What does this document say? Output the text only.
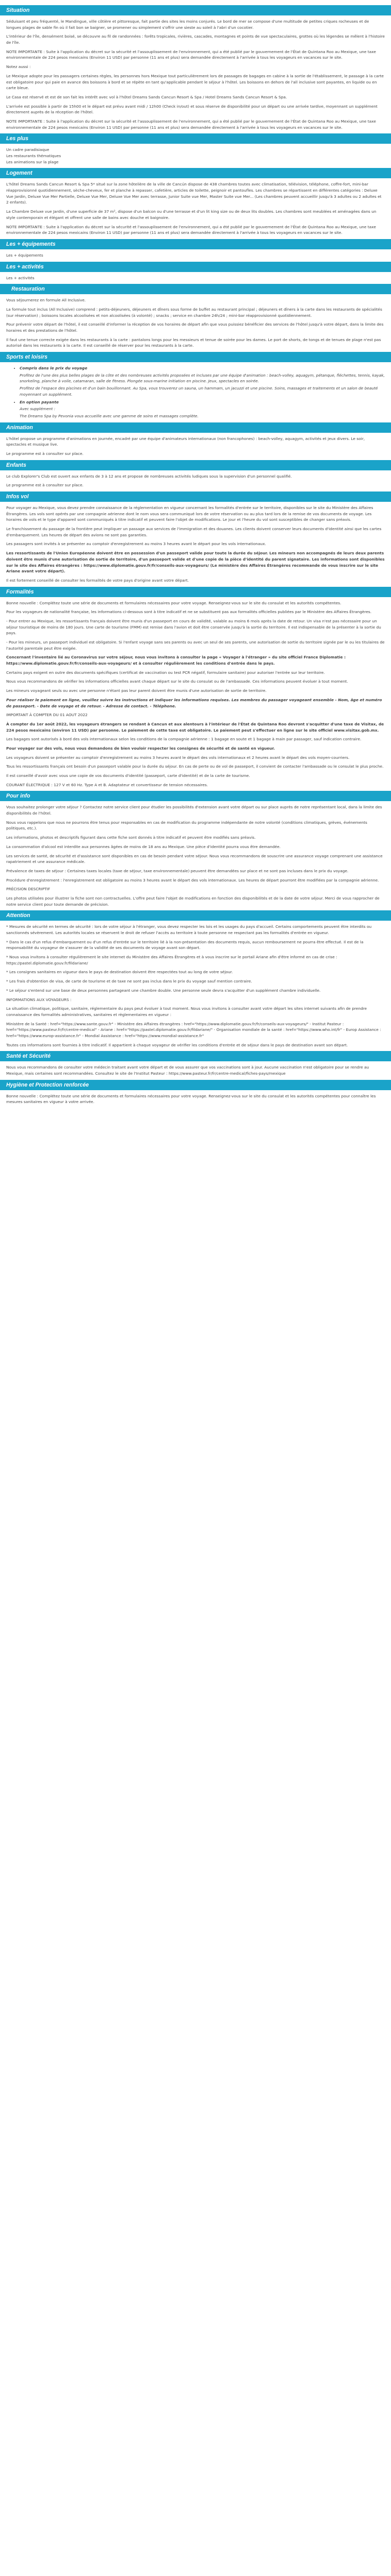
Situation

Séduisant et peu fréquenté, le Mandingue, ville côtière et pittoresque, fait partie des sites les moins conjurés. Le bord de mer se compose d'une multitude de petites criques rocheuses et de longues plages de sable fin où il fait bon se baigner, se promener ou simplement s'offrir une sieste au soleil à l'abri d'un cocotier.

L'intérieur de l'île, densément boisé, se découvre au fil de randonnées : forêts tropicales, rivières, cascades, montagnes et points de vue spectaculaires, grottes où les légendes se mêlent à l'histoire de l'île.

NOTE IMPORTANTE : Suite à l'application du décret sur la sécurité et l'assouplissement de l'environnement, qui a été publié par le gouvernement de l'État de Quintana Roo au Mexique, une taxe environnementale de 224 pesos mexicains (Environ 11 USD) par personne (11 ans et plus) sera demandée directement à l'arrivée à tous les voyageurs en vacances sur le site.

Notez aussi :

Le Mexique adopte pour les passagers certaines règles, les personnes hors Mexique tout particulièrement lors de passages de bagages en cabine à la sortie de l'établissement, le passage à la carte est obligatoire pour qui paie en avance des boissons à bord et se répète en tant qu'applicable pendant le séjour à l'hôtel. Les boissons en dehors de l'all inclusive sont payantes, en liquide ou en carte bleue.

Le Casa est réservé et est de son fait les intérêt avec vol à l'hôtel Dreams Sands Cancun Resort & Spa / Hotel Dreams Sands Cancun Resort & Spa.

L'arrivée est possible à partir de 15h00 et le départ est prévu avant midi / 12h00 (Check in/out) et sous réserve de disponibilité pour un départ ou une arrivée tardive, moyennant un supplément directement auprès de la réception de l'hôtel.

NOTE IMPORTANTE : Suite à l'application du décret sur la sécurité et l'assouplissement de l'environnement, qui a été publié par le gouvernement de l'État de Quintana Roo au Mexique, une taxe environnementale de 224 pesos mexicains (Environ 11 USD) par personne (11 ans et plus) sera demandée directement à l'arrivée à tous les voyageurs en vacances sur le site.

Les plus

Un cadre paradisiaque

Les restaurants thématiques

Les animations sur la plage

Logement

L'hôtel Dreams Sands Cancun Resort & Spa 5* situé sur la zone hôtelière de la ville de Cancún dispose de 438 chambres toutes avec climatisation, télévision, téléphone, coffre-fort, mini-bar réapprovisionné quotidiennement, sèche-cheveux, fer et planche à repasser, cafetière, articles de toilette, peignoir et pantoufles. Les chambres se répartissent en différentes catégories : Deluxe Vue Jardin, Deluxe Vue Mer Partielle, Deluxe Vue Mer, Deluxe Vue Mer avec terrasse, Junior Suite vue Mer, Master Suite vue Mer... (Les chambres peuvent accueillir jusqu'à 3 adultes ou 2 adultes et 2 enfants).

La Chambre Deluxe vue Jardin, d'une superficie de 37 m², dispose d'un balcon ou d'une terrasse et d'un lit king size ou de deux lits doubles. Les chambres sont meublées et aménagées dans un style contemporain et élégant et offrent une salle de bains avec douche et baignoire.

NOTE IMPORTANTE : Suite à l'application du décret sur la sécurité et l'assouplissement de l'environnement, qui a été publié par le gouvernement de l'État de Quintana Roo au Mexique, une taxe environnementale de 224 pesos mexicains (Environ 11 USD) par personne (11 ans et plus) sera demandée directement à l'arrivée à tous les voyageurs en vacances sur le site.

Les + équipements

Les + équipements

Les + activités

Les + activités

Restauration

Vous séjournerez en formule All Inclusive.

La formule tout inclus (All Inclusive) comprend : petits-déjeuners, déjeuners et dîners sous forme de buffet au restaurant principal ; déjeuners et dîners à la carte dans les restaurants de spécialités (sur réservation) ; boissons locales alcoolisées et non alcoolisées (à volonté) ; snacks ; service en chambre 24h/24 ; mini-bar réapprovisionné quotidiennement.

Pour prévenir votre départ de l'hôtel, il est conseillé d'informer la réception de vos horaires de départ afin que vous puissiez bénéficier des services de l'hôtel jusqu'à votre départ, dans la limite des horaires et des prestations de l'hôtel.

Il faut une tenue correcte exigée dans les restaurants à la carte : pantalons longs pour les messieurs et tenue de soirée pour les dames. Le port de shorts, de tongs et de tenues de plage n'est pas autorisé dans les restaurants à la carte. Il est conseillé de réserver pour les restaurants à la carte.

Sports et loisirs
• Compris dans le prix du voyage
Profitez de l'une des plus belles plages de la côte et des nombreuses activités proposées et incluses par une équipe d'animation : beach-volley, aquagym, pétanque, fléchettes, tennis, kayak, snorkeling, planche à voile, catamaran, salle de fitness. Plongée sous-marine initiation en piscine. Jeux, spectacles en soirée.
Profitez de l'espace des piscines et d'un bain bouillonnant. Au Spa, vous trouverez un sauna, un hammam, un jacuzzi et une piscine. Soins, massages et traitements et un salon de beauté moyennant un supplément.
• En option payante
Avec supplément :
The Dreams Spa by Pevonia vous accueille avec une gamme de soins et massages complète.
Animation

L'hôtel propose un programme d'animations en journée, encadré par une équipe d'animateurs internationaux (non francophones) : beach-volley, aquagym, activités et jeux divers. Le soir, spectacles et musique live.

Le programme est à consulter sur place.

Enfants

Le club Explorer's Club est ouvert aux enfants de 3 à 12 ans et propose de nombreuses activités ludiques sous la supervision d'un personnel qualifié.

Le programme est à consulter sur place.

Infos vol

Pour voyager au Mexique, vous devez prendre connaissance de la réglementation en vigueur concernant les formalités d'entrée sur le territoire, disponibles sur le site du Ministère des Affaires Étrangères. Les vols sont opérés par une compagnie aérienne dont le nom vous sera communiqué lors de votre réservation ou au plus tard lors de la remise de vos documents de voyage. Les horaires de vols et le type d'appareil sont communiqués à titre indicatif et peuvent faire l'objet de modifications. Le jour et l'heure du vol sont susceptibles de changer sans préavis.

Le franchissement du passage de la frontière peut impliquer un passage aux services de l'immigration et des douanes. Les clients doivent conserver leurs documents d'identité ainsi que les cartes d'embarquement. Les heures de départ des avions ne sont pas garanties.

Les passagers sont invités à se présenter au comptoir d'enregistrement au moins 3 heures avant le départ pour les vols internationaux.

Les ressortissants de l'Union Européenne doivent être en possession d'un passeport valide pour toute la durée du séjour. Les mineurs non accompagnés de leurs deux parents doivent être munis d'une autorisation de sortie de territoire, d'un passeport valide et d'une copie de la pièce d'identité du parent signataire. Les informations sont disponibles sur le site des Affaires étrangères : https://www.diplomatie.gouv.fr/fr/conseils-aux-voyageurs/ (Le ministère des Affaires Étrangères recommande de vous inscrire sur le site Ariane avant votre départ).

Il est fortement conseillé de consulter les formalités de votre pays d'origine avant votre départ.

Formalités

Bonne nouvelle : Complétez toute une série de documents et formulaires nécessaires pour votre voyage. Renseignez-vous sur le site du consulat et les autorités compétentes.

Pour les voyageurs de nationalité française, les informations ci-dessous sont à titre indicatif et ne se substituent pas aux formalités officielles publiées par le Ministère des Affaires Étrangères.

- Pour entrer au Mexique, les ressortissants français doivent être munis d'un passeport en cours de validité, valable au moins 6 mois après la date de retour. Un visa n'est pas nécessaire pour un séjour touristique de moins de 180 jours. Une carte de tourisme (FMM) est remise dans l'avion et doit être conservée jusqu'à la sortie du territoire. Il est indispensable de la présenter à la sortie du pays.

- Pour les mineurs, un passeport individuel est obligatoire. Si l'enfant voyage sans ses parents ou avec un seul de ses parents, une autorisation de sortie du territoire signée par le ou les titulaires de l'autorité parentale peut être exigée.

Concernant l'inventaire lié au Coronavirus sur votre séjour, nous vous invitons à consulter la page « Voyager à l'étranger » du site officiel France Diplomatie : https://www.diplomatie.gouv.fr/fr/conseils-aux-voyageurs/ et à consulter régulièrement les conditions d'entrée dans le pays.

Certains pays exigent en outre des documents spécifiques (certificat de vaccination ou test PCR négatif, formulaire sanitaire) pour autoriser l'entrée sur leur territoire.

Nous vous recommandons de vérifier les informations officielles avant chaque départ sur le site du consulat ou de l'ambassade. Ces informations peuvent évoluer à tout moment.

Les mineurs voyageant seuls ou avec une personne n'étant pas leur parent doivent être munis d'une autorisation de sortie de territoire.

Pour réaliser le paiement en ligne, veuillez suivre les instructions et indiquer les informations requises. Les membres du passager voyageant ensemble - Nom, âge et numéro de passeport. - Date de voyage et de retour. - Adresse de contact. - Téléphone.

IMPORTANT À COMPTER DU 01 AOUT 2022

À compter du 1er août 2022, les voyageurs étrangers se rendant à Cancun et aux alentours à l'intérieur de l'État de Quintana Roo devront s'acquitter d'une taxe de Visitax, de 224 pesos mexicains (environ 11 USD) par personne. Le paiement de cette taxe est obligatoire. Le paiement peut s'effectuer en ligne sur le site officiel www.visitax.gob.mx.

Les bagages sont autorisés à bord des vols internationaux selon les conditions de la compagnie aérienne : 1 bagage en soute et 1 bagage à main par passager, sauf indication contraire.

Pour voyager sur des vols, nous vous demandons de bien vouloir respecter les consignes de sécurité et de santé en vigueur.

Les voyageurs doivent se présenter au comptoir d'enregistrement au moins 3 heures avant le départ des vols internationaux et 2 heures avant le départ des vols moyen-courriers.

Tous les ressortissants français ont besoin d'un passeport valable pour la durée du séjour. En cas de perte ou de vol de passeport, il convient de contacter l'ambassade ou le consulat le plus proche.

Il est conseillé d'avoir avec vous une copie de vos documents d'identité (passeport, carte d'identité) et de la carte de tourisme.

COURANT ÉLECTRIQUE : 127 V et 60 Hz. Type A et B. Adaptateur et convertisseur de tension nécessaires.

Pour info

Vous souhaitez prolonger votre séjour ? Contactez notre service client pour étudier les possibilités d'extension avant votre départ ou sur place auprès de notre représentant local, dans la limite des disponibilités de l'hôtel.

Nous vous rappelons que nous ne pourrons être tenus pour responsables en cas de modification du programme indépendante de notre volonté (conditions climatiques, grèves, événements politiques, etc.).

Les informations, photos et descriptifs figurant dans cette fiche sont donnés à titre indicatif et peuvent être modifiés sans préavis.

La consommation d'alcool est interdite aux personnes âgées de moins de 18 ans au Mexique. Une pièce d'identité pourra vous être demandée.

Les services de santé, de sécurité et d'assistance sont disponibles en cas de besoin pendant votre séjour. Nous vous recommandons de souscrire une assurance voyage comprenant une assistance rapatriement et une assurance médicale.

Prévalence de taxes de séjour : Certaines taxes locales (taxe de séjour, taxe environnementale) peuvent être demandées sur place et ne sont pas incluses dans le prix du voyage.

Procédure d'enregistrement : l'enregistrement est obligatoire au moins 3 heures avant le départ des vols internationaux. Les heures de départ pourront être modifiées par la compagnie aérienne.

PRÉCISION DESCRIPTIF

Les photos utilisées pour illustrer la fiche sont non contractuelles. L'offre peut faire l'objet de modifications en fonction des disponibilités et de la date de votre séjour. Merci de vous rapprocher de notre service client pour toute demande de précision.

Attention

* Mesures de sécurité en termes de sécurité : lors de votre séjour à l'étranger, vous devez respecter les lois et les usages du pays d'accueil. Certains comportements peuvent être interdits ou sanctionnés sévèrement. Les autorités locales se réservent le droit de refuser l'accès au territoire à toute personne ne respectant pas les formalités d'entrée en vigueur.

* Dans le cas d'un refus d'embarquement ou d'un refus d'entrée sur le territoire lié à la non-présentation des documents requis, aucun remboursement ne pourra être effectué. Il est de la responsabilité du voyageur de s'assurer de la validité de ses documents de voyage avant son départ.

* Nous vous invitons à consulter régulièrement le site internet du Ministère des Affaires Étrangères et à vous inscrire sur le portail Ariane afin d'être informé en cas de crise : https://pastel.diplomatie.gouv.fr/fildariane/

* Les consignes sanitaires en vigueur dans le pays de destination doivent être respectées tout au long de votre séjour.

* Les frais d'obtention de visa, de carte de tourisme et de taxe ne sont pas inclus dans le prix du voyage sauf mention contraire.

* Le séjour s'entend sur une base de deux personnes partageant une chambre double. Une personne seule devra s'acquitter d'un supplément chambre individuelle.

INFORMATIONS AUX VOYAGEURS :

La situation climatique, politique, sanitaire, réglementaire du pays peut évoluer à tout moment. Nous vous invitons à consulter avant votre départ les sites internet suivants afin de prendre connaissance des formalités administratives, sanitaires et règlementaires en vigueur :

Ministère de la Santé : href="https://www.sante.gouv.fr" - Ministère des Affaires étrangères : href="https://www.diplomatie.gouv.fr/fr/conseils-aux-voyageurs/" - Institut Pasteur : href="https://www.pasteur.fr/fr/centre-medical" - Ariane : href="https://pastel.diplomatie.gouv.fr/fildariane/" - Organisation mondiale de la santé : href="https://www.who.int/fr" - Europ Assistance : href="https://www.europ-assistance.fr" - Mondial Assistance : href="https://www.mondial-assistance.fr"

Toutes ces informations sont fournies à titre indicatif. Il appartient à chaque voyageur de vérifier les conditions d'entrée et de séjour dans le pays de destination avant son départ.

Santé et Sécurité

Nous vous recommandons de consulter votre médecin traitant avant votre départ et de vous assurer que vos vaccinations sont à jour. Aucune vaccination n'est obligatoire pour se rendre au Mexique, mais certaines sont recommandées. Consultez le site de l'Institut Pasteur : https://www.pasteur.fr/fr/centre-medical/fiches-pays/mexique

Hygiène et Protection renforcée

Bonne nouvelle : Complétez toute une série de documents et formulaires nécessaires pour votre voyage. Renseignez-vous sur le site du consulat et les autorités compétentes pour connaître les mesures sanitaires en vigueur à votre arrivée.
